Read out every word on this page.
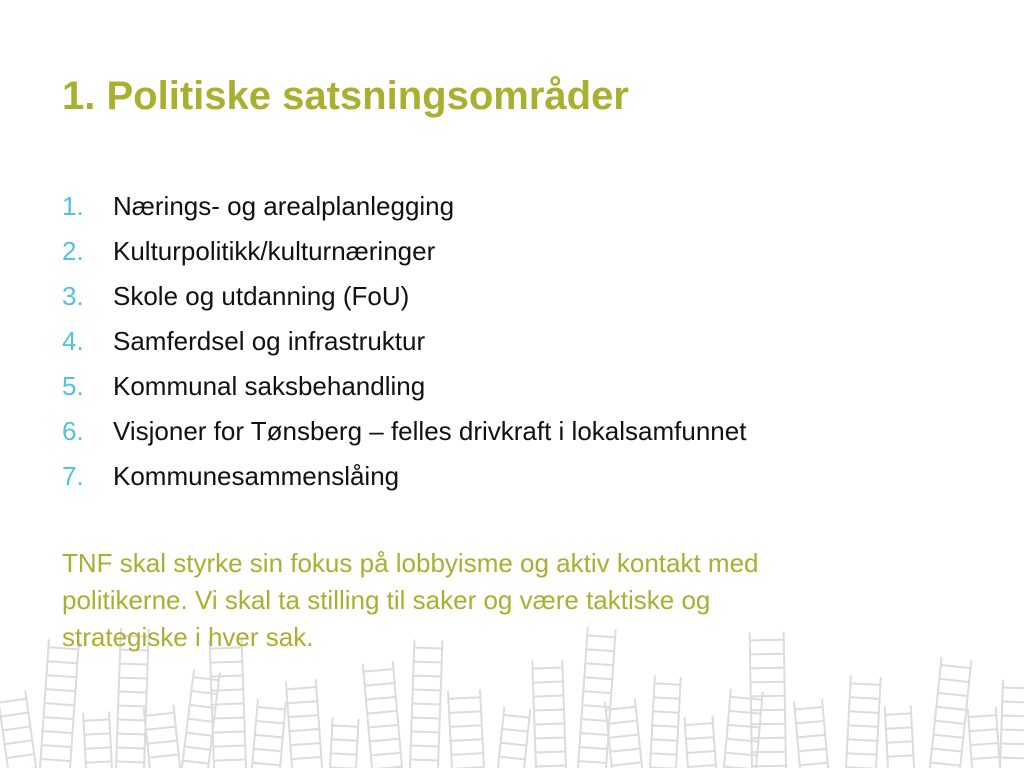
1. Politiske satsningsområder
1.	Nærings- og arealplanlegging
2.	Kulturpolitikk/kulturnæringer
3.	Skole og utdanning (FoU)
4.	Samferdsel og infrastruktur
5.	Kommunal saksbehandling
6.	Visjoner for Tønsberg – felles drivkraft i lokalsamfunnet
7.	Kommunesammenslåing

TNF skal styrke sin fokus på lobbyisme og aktiv kontakt med
politikerne. Vi skal ta stilling til saker og være taktiske og
strategiske i hver sak.
